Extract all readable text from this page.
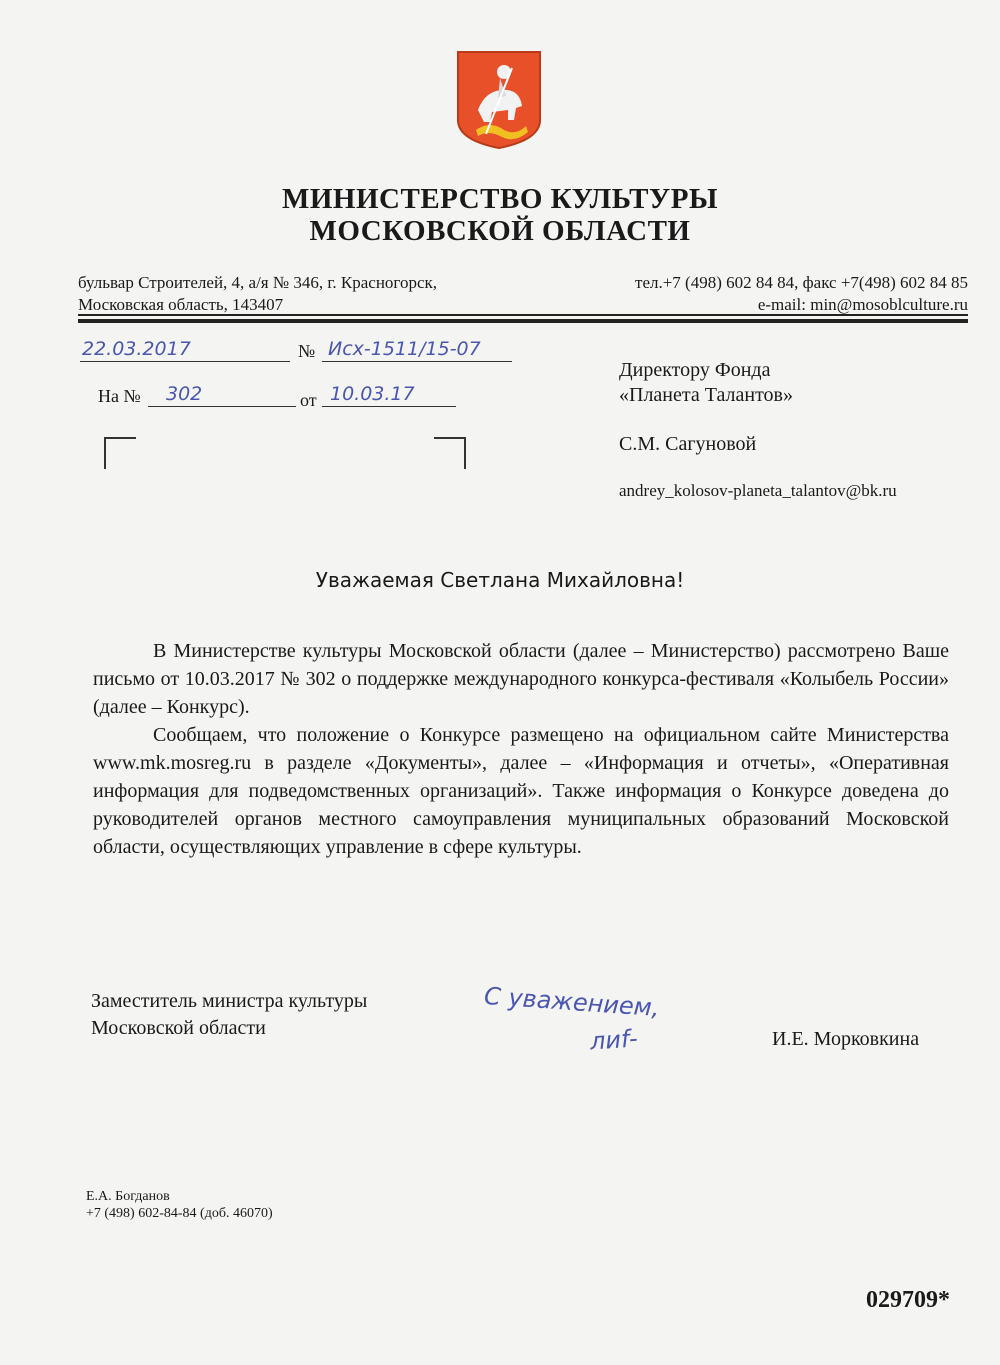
МИНИСТЕРСТВО КУЛЬТУРЫ
МОСКОВСКОЙ ОБЛАСТИ
бульвар Строителей, 4, а/я № 346, г. Красногорск,
Московская область, 143407
тел.+7 (498) 602 84 84, факс +7(498) 602 84 85
e-mail: min@mosoblculture.ru
22.03.2017	№ Исх-1511/15-07
На № 302	от 10.03.17
Директору Фонда
«Планета Талантов»
С.М. Сагуновой
andrey_kolosov-planeta_talantov@bk.ru
Уважаемая Светлана Михайловна!

В Министерстве культуры Московской области (далее – Министерство) рассмотрено Ваше письмо от 10.03.2017 № 302 о поддержке международного конкурса-фестиваля «Колыбель России» (далее – Конкурс).

Сообщаем, что положение о Конкурсе размещено на официальном сайте Министерства www.mk.mosreg.ru в разделе «Документы», далее – «Информация и отчеты», «Оперативная информация для подведомственных организаций». Также информация о Конкурсе доведена до руководителей органов местного самоуправления муниципальных образований Московской области, осуществляющих управление в сфере культуры.

Заместитель министра культуры
Московской области
С уважением,
лиf-	И.Е. Морковкина
Е.А. Богданов
+7 (498) 602-84-84 (доб. 46070)
029709*
